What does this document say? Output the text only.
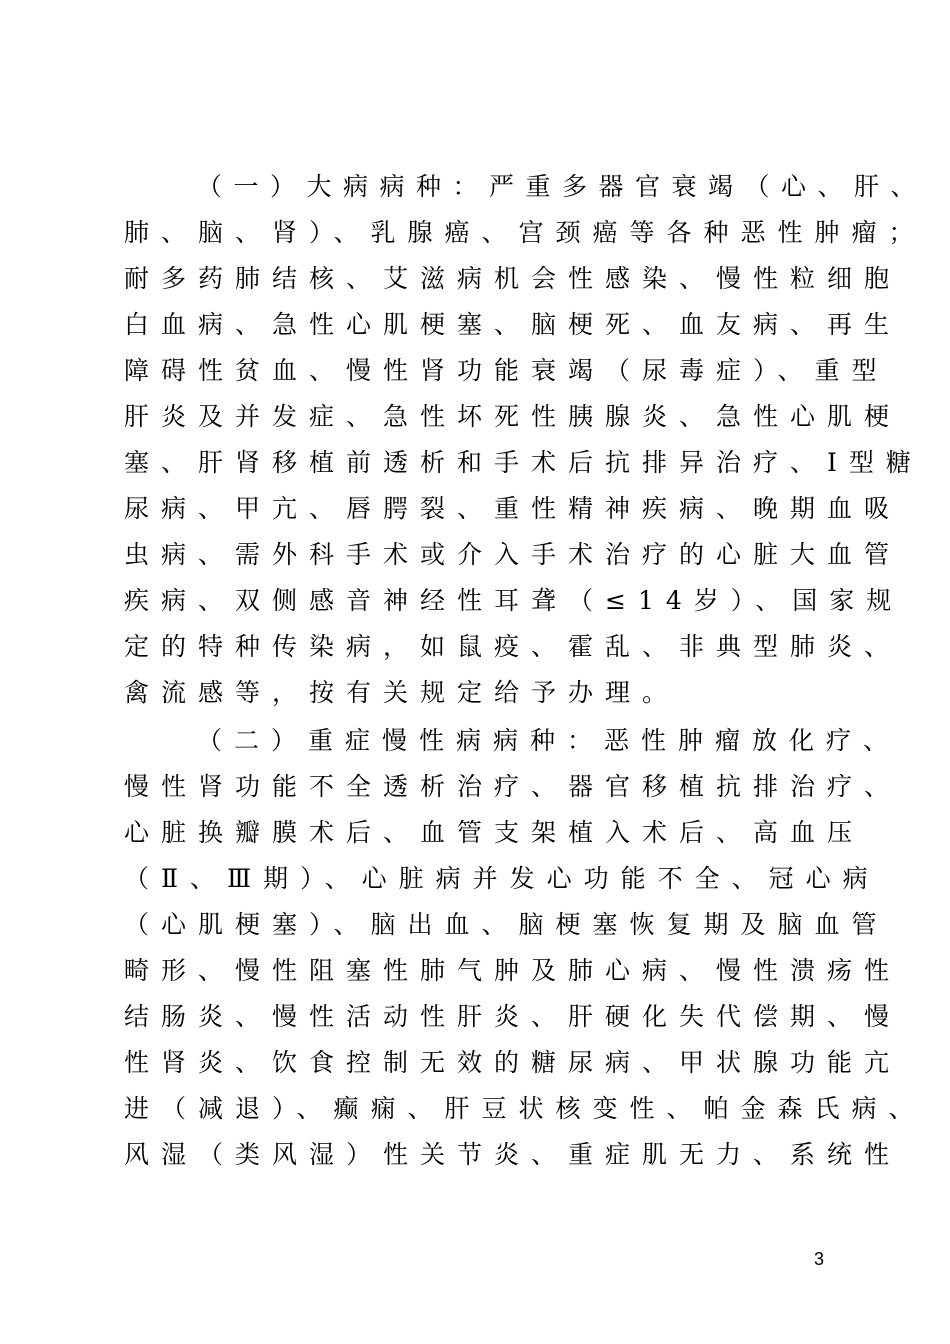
（一）大病病种：严重多器官衰竭（心、肝、

肺、脑、肾）、乳腺癌、宫颈癌等各种恶性肿瘤；

耐多药肺结核、艾滋病机会性感染、慢性粒细胞

白血病、急性心肌梗塞、脑梗死、血友病、再生

障碍性贫血、慢性肾功能衰竭（尿毒症）、重型

肝炎及并发症、急性坏死性胰腺炎、急性心肌梗

塞、肝肾移植前透析和手术后抗排异治疗、I型糖

尿病、甲亢、唇腭裂、重性精神疾病、晚期血吸

虫病、需外科手术或介入手术治疗的心脏大血管

疾病、双侧感音神经性耳聋（≤14岁）、国家规

定的特种传染病，如鼠疫、霍乱、非典型肺炎、

禽流感等，按有关规定给予办理。

（二）重症慢性病病种：恶性肿瘤放化疗、

慢性肾功能不全透析治疗、器官移植抗排治疗、

心脏换瓣膜术后、血管支架植入术后、高血压

（Ⅱ、Ⅲ期）、心脏病并发心功能不全、冠心病

（心肌梗塞）、脑出血、脑梗塞恢复期及脑血管

畸形、慢性阻塞性肺气肿及肺心病、慢性溃疡性

结肠炎、慢性活动性肝炎、肝硬化失代偿期、慢

性肾炎、饮食控制无效的糖尿病、甲状腺功能亢

进（减退）、癫痫、肝豆状核变性、帕金森氏病、

风湿（类风湿）性关节炎、重症肌无力、系统性

3
